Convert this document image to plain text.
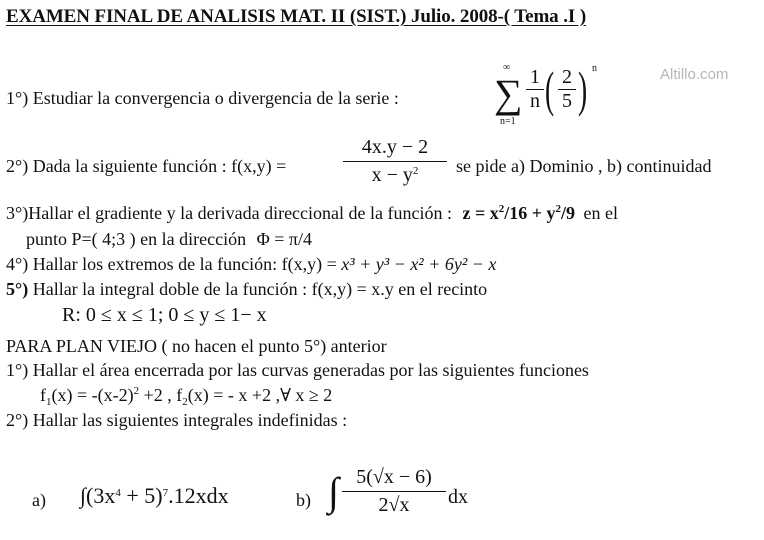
EXAMEN FINAL DE ANALISIS MAT. II (SIST.) Julio. 2008-( Tema .I )
Altillo.com
1°) Estudiar la convergencia o divergencia de la serie :
∞
∑
n=1
1
n ( 2
5 ) n
2°) Dada la siguiente función : f(x,y) =
4x.y − 2
$x - y^2$	se pide a) Dominio , b) continuidad
3°)Hallar el gradiente y la derivada direccional de la función : $z = x^2/16 + y^2/9$ en el
punto P=( 4;3 ) en la dirección Φ = π/4
4°) Hallar los extremos de la función: f(x,y) = x³ + y³ − x² + 6y² − x
5°) Hallar la integral doble de la función : f(x,y) = x.y en el recinto
R: 0 ≤ x ≤ 1; 0 ≤ y ≤ 1− x
PARA PLAN VIEJO ( no hacen el punto 5°) anterior
1°) Hallar el área encerrada por las curvas generadas por las siguientes funciones
$f_1(x) = -(x-2)^2 +2$ , $f_2(x)$ = - x +2 ,∀ x ≥ 2
2°) Hallar las siguientes integrales indefinidas :
a) $\int(3x^4 + 5)^7.12xdx$	b) ∫ 5(√x − 6)
2√x	dx
